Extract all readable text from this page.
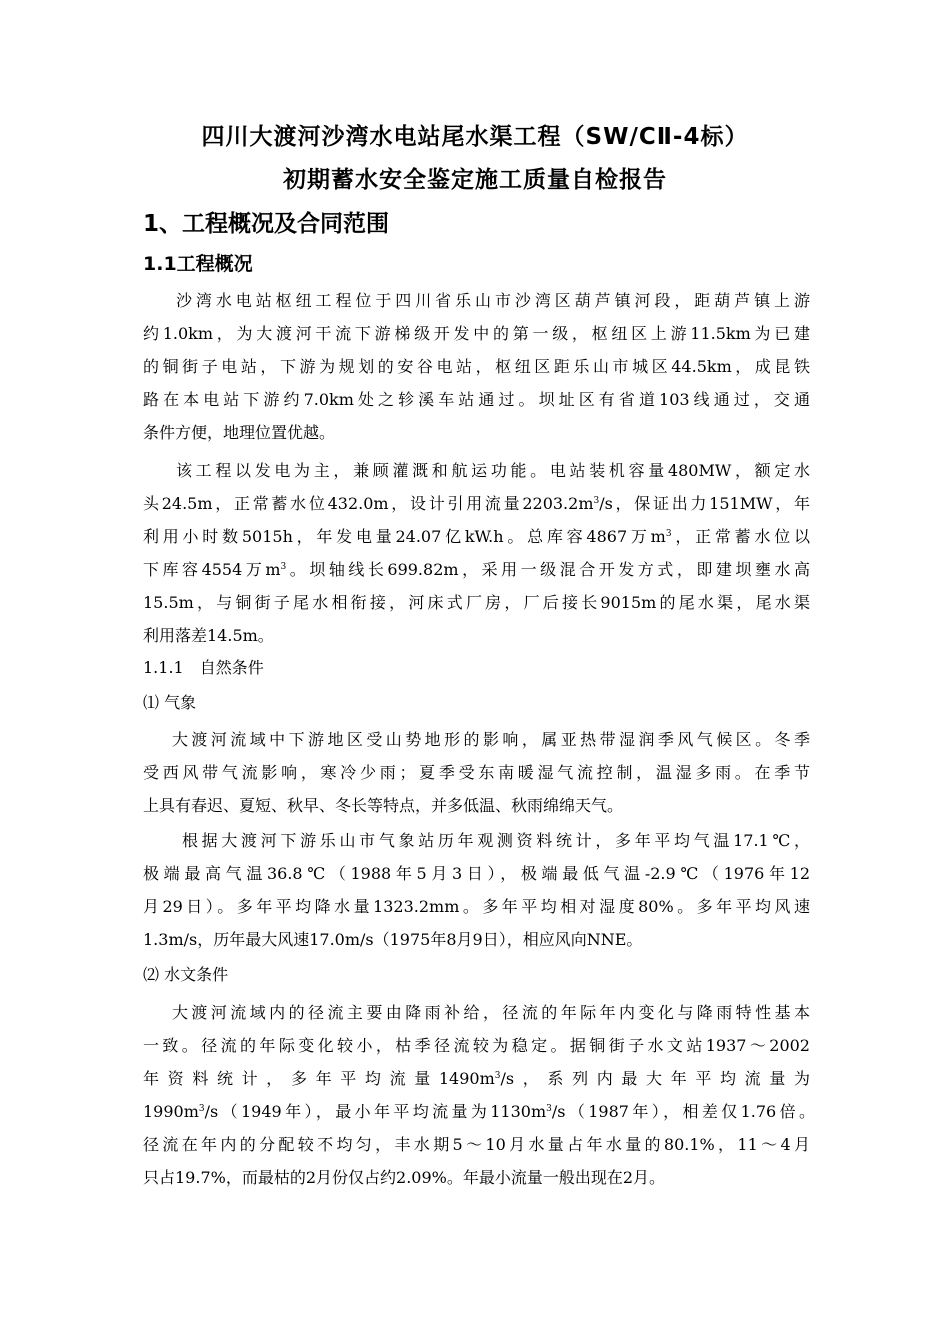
四川大渡河沙湾水电站尾水渠工程（SW/CⅡ-4标）
初期蓄水安全鉴定施工质量自检报告
1、工程概况及合同范围
1.1工程概况
沙湾水电站枢纽工程位于四川省乐山市沙湾区葫芦镇河段，距葫芦镇上游
约1.0km，为大渡河干流下游梯级开发中的第一级，枢纽区上游11.5km为已建
的铜街子电站，下游为规划的安谷电站，枢纽区距乐山市城区44.5km，成昆铁
路在本电站下游约7.0km处之轸溪车站通过。坝址区有省道103线通过，交通
条件方便，地理位置优越。
该工程以发电为主，兼顾灌溉和航运功能。电站装机容量480MW，额定水
头24.5m，正常蓄水位432.0m，设计引用流量$2203.2m^3/s$，保证出力151MW，年
利用小时数5015h，年发电量24.07亿kW.h。总库容4867万$m^3$，正常蓄水位以
下库容4554万$m^3$。坝轴线长699.82m，采用一级混合开发方式，即建坝壅水高
15.5m，与铜街子尾水相衔接，河床式厂房，厂后接长9015m的尾水渠，尾水渠
利用落差14.5m。
1.1.1　自然条件
⑴ 气象
大渡河流域中下游地区受山势地形的影响，属亚热带湿润季风气候区。冬季
受西风带气流影响，寒冷少雨；夏季受东南暖湿气流控制，温湿多雨。在季节
上具有春迟、夏短、秋早、冬长等特点，并多低温、秋雨绵绵天气。
根据大渡河下游乐山市气象站历年观测资料统计，多年平均气温17.1℃，
极端最高气温36.8℃（1988年5月3日），极端最低气温-2.9℃（1976年12
月29日）。多年平均降水量1323.2mm。多年平均相对湿度80%。多年平均风速
1.3m/s，历年最大风速17.0m/s（1975年8月9日），相应风向NNE。
⑵ 水文条件
大渡河流域内的径流主要由降雨补给，径流的年际年内变化与降雨特性基本
一致。径流的年际变化较小，枯季径流较为稳定。据铜街子水文站1937～2002
年资料统计，多年平均流量$1490m^3/s$，系列内最大年平均流量为
$1990m^3/s(1949$年），最小年平均流量为$1130m^3/s(1987$年），相差仅1.76倍。
径流在年内的分配较不均匀，丰水期5～10月水量占年水量的80.1%，11～4月
只占19.7%，而最枯的2月份仅占约2.09%。年最小流量一般出现在2月。
